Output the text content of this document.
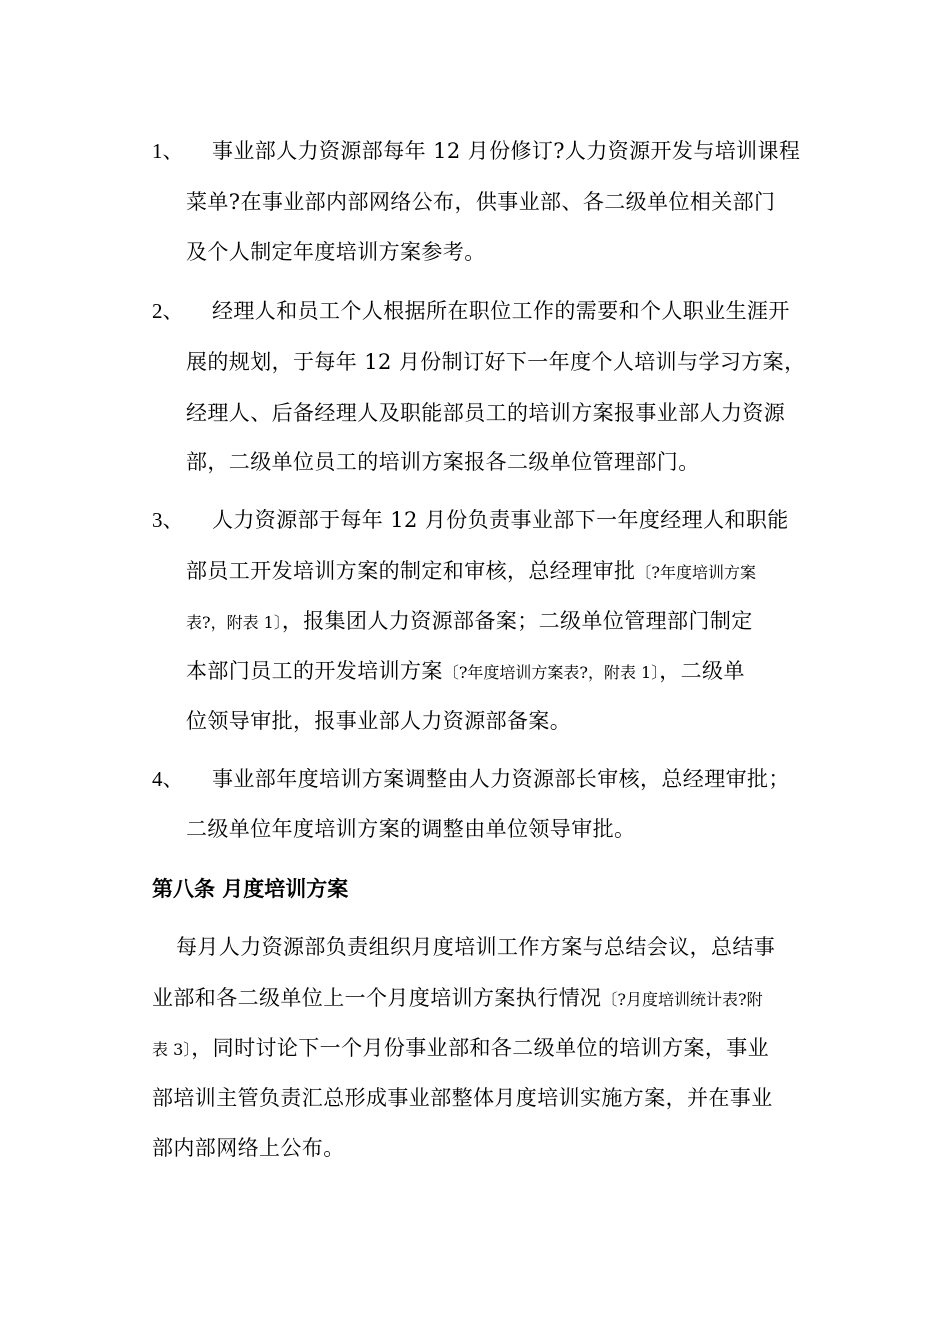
1、 事业部人力资源部每年 12 月份修订?人力资源开发与培训课程
菜单?在事业部内部网络公布，供事业部、各二级单位相关部门
及个人制定年度培训方案参考。
2、 经理人和员工个人根据所在职位工作的需要和个人职业生涯开
展的规划，于每年 12 月份制订好下一年度个人培训与学习方案，
经理人、后备经理人及职能部员工的培训方案报事业部人力资源
部，二级单位员工的培训方案报各二级单位管理部门。
3、 人力资源部于每年 12 月份负责事业部下一年度经理人和职能
部员工开发培训方案的制定和审核，总经理审批〔?年度培训方案
表?，附表 1〕，报集团人力资源部备案；二级单位管理部门制定
本部门员工的开发培训方案〔?年度培训方案表?，附表 1〕，二级单
位领导审批，报事业部人力资源部备案。
4、 事业部年度培训方案调整由人力资源部长审核，总经理审批；
二级单位年度培训方案的调整由单位领导审批。
第八条 月度培训方案
每月人力资源部负责组织月度培训工作方案与总结会议，总结事
业部和各二级单位上一个月度培训方案执行情况〔?月度培训统计表?附
表 3〕，同时讨论下一个月份事业部和各二级单位的培训方案，事业
部培训主管负责汇总形成事业部整体月度培训实施方案，并在事业
部内部网络上公布。
